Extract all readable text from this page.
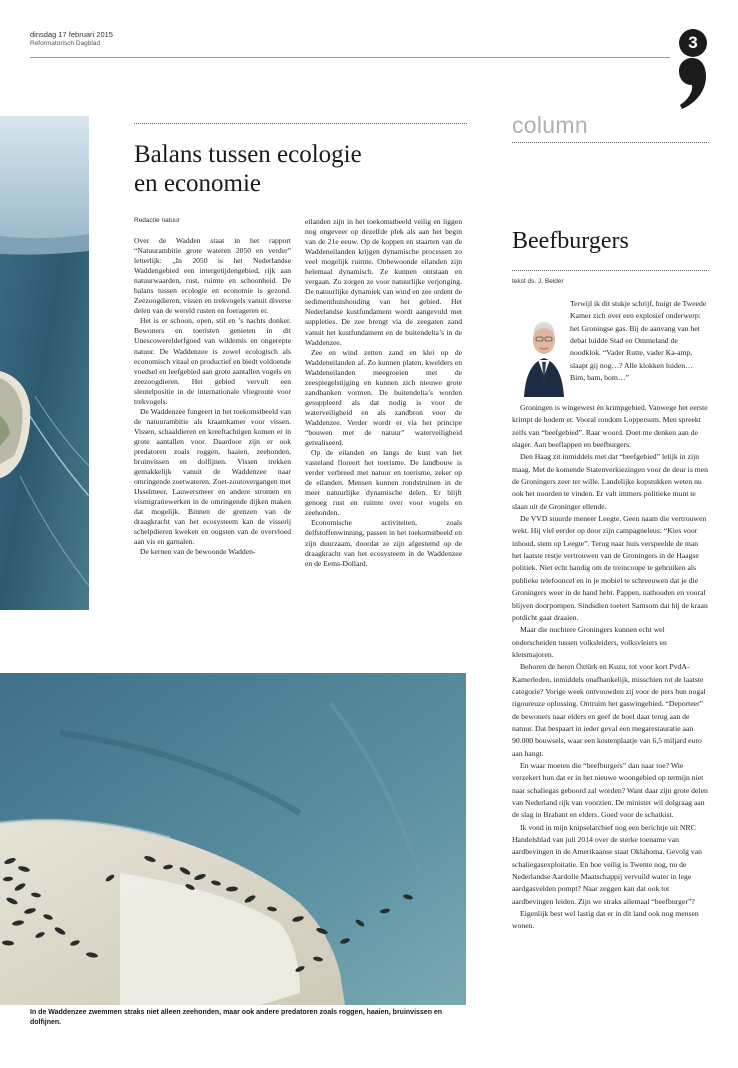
dinsdag 17 februari 2015
Reformatorisch Dagblad	3
Balans tussen ecologie
en economie
Redactie natuur

Over de Wadden staat in het rapport “Natuurambitie grote wateren 2050 en verder” letterlijk: „In 2050 is het Nederlandse Waddengebied een intergetijdengebied, rijk aan natuurwaarden, rust, ruimte en schoonheid. De balans tussen ecologie en economie is gezond. Zeezoogdieren, vissen en trekvogels vanuit diverse delen van de wereld rusten en foerageren er.

Het is er schoon, open, stil en ’s nachts donker. Bewoners en toeristen genieten in dit Unescowerelderfgoed van wildernis en ongerepte natuur. De Waddenzee is zowel ecologisch als economisch vitaal en productief en biedt voldoende voedsel en leefgebied aan grote aantallen vogels en zeezoogdieren. Het gebied vervult een sleutelpositie in de internationale vliegroute voor trekvogels.

De Waddenzee fungeert in het toekomstbeeld van de natuurambitie als kraamkamer voor vissen. Vissen, schaaldieren en kreeftachtigen komen er in grote aantallen voor. Daardoor zijn er ook predatoren zoals roggen, haaien, zeehonden, bruinvissen en dolfijnen. Vissen trekken gemakkelijk vanuit de Waddenzee naar omringende zoetwateren. Zoet-zoutovergangen met IJsselmeer, Lauwersmeer en andere stromen en vismigratiewerken in de omringende dijken maken dat mogelijk. Binnen de grenzen van de draagkracht van het ecosysteem kan de visserij schelpdieren kweken en oogsten van de overvloed aan vis en garnalen.

De kernen van de bewoonde Wadden-

eilanden zijn in het toekomstbeeld veilig en liggen nog ongeveer op dezelfde plek als aan het begin van de 21e eeuw. Op de koppen en staarten van de Waddeneilanden krijgen dynamische processen zo veel mogelijk ruimte. Onbewoonde eilanden zijn helemaal dynamisch. Ze kunnen ontstaan en vergaan. Zo zorgen ze voor natuurlijke verjonging. De natuurlijke dynamiek van wind en zee ordent de sedimenthuishouding van het gebied. Het Nederlandse kustfundament wordt aangevuld met suppleties. De zee brengt via de zeegaten zand vanuit het kustfundament en de buitendelta’s in de Waddenzee.

Zee en wind zetten zand en klei op de Waddeneilanden af. Zo kunnen platen, kwelders en Waddeneilanden meegroeien met de zeespiegelstijging en kunnen zich nieuwe grote zandbanken vormen. De buitendelta’s worden gesuppleerd als dat nodig is voor de waterveiligheid en als zandbron voor de Waddenzee. Verder wordt er via het principe “bouwen met de natuur” waterveiligheid gerealiseerd.

Op de eilanden en langs de kust van het vasteland floreert het toerisme. De landbouw is verder verbreed met natuur en toerisme, zeker op de eilanden. Mensen kunnen rondstruinen in de meer natuurlijke dynamische delen. Er blijft genoeg rust en ruimte over voor vogels en zeehonden.

Economische activiteiten, zoals delfstoffenwinning, passen in het toekomstbeeld en zijn duurzaam, doordat ze zijn afgestemd op de draagkracht van het ecosysteem in de Waddenzee en de Eems-Dollard.

In de Waddenzee zwemmen straks niet alleen zeehonden, maar ook andere predatoren zoals roggen, haaien, bruinvissen en dolfijnen.
column
Beefburgers
tekst ds. J. Belder

Terwijl ik dit stukje schrijf, buigt de Tweede Kamer zich over een explosief onderwerp: het Groningse gas. Bij de aanvang van het debat luidde Stad en Ommeland de noodklok. “Vader Rutte, vader Ka-amp, slaapt gij nog…? Alle klokken luiden… Bim, bam, bom…”

Groningen is wingewest én krimpgebied. Vanwege het eerste krimpt de bodem er. Vooral rondom Loppersum. Men spreekt zelfs van “beefgebied”. Raar woord. Doet me denken aan de slager. Aan beeflappen en beefburgers.

Den Haag zit inmiddels met dat “beefgebied” lelijk in zijn maag. Met de komende Statenverkiezingen voor de deur is men de Groningers zeer ter wille. Landelijke kopstukken weten nu ook het noorden te vinden. Er valt immers politieke munt te slaan uit de Groninger ellende.

De VVD stuurde meneer Leegte. Geen naam die vertrouwen wekt. Hij viel eerder op door zijn campagneleus: “Kies voor inhoud, stem op Leegte”. Terug naar huis verspeelde de man het laatste restje vertrouwen van de Groningers in de Haagse politiek. Niet echt handig om de treincoupe te gebruiken als publieke telefooncel en in je mobiel te schreeuwen dat je die Groningers weer in de hand hebt. Pappen, nathouden en vooral blijven doorpompen. Sindsdien toetert Samsom dat hij de kraan potdicht gaat draaien.

Maar die nuchtere Groningers kunnen echt wel onderscheiden tussen volksleiders, volksvleiers en kletsmajoren.

Behoren de heren Öztürk en Kuzu, tot voor kort PvdA-Kamerleden, inmiddels onafhankelijk, misschien tot de laatste categorie? Vorige week ontvouwden zij voor de pers hun nogal rigoureuze oplossing. Ontruim het gaswingebied. “Deporteer” de bewoners naar elders en geef de boel daar terug aan de natuur. Dat bespaart in ieder geval een megarestauratie aan 90.000 bouwsels, waar een kostenplaatje van 6,5 miljard euro aan hangt.

En waar moeten die “beefburgers” dan naar toe? Wie verzekert hun dat er in het nieuwe woongebied op termijn niet naar schaliegas geboord zal worden? Want daar zijn grote delen van Nederland rijk van voorzien. De minister wil dolgraag aan de slag in Brabant en elders. Goed voor de schatkist.

Ik vond in mijn knipselarchief nog een berichtje uit NRC Handelsblad van juli 2014 over de sterke toename van aardbevingen in de Amerikaanse staat Oklahoma. Gevolg van schaliegasexploitatie. En hoe veilig is Twente nog, nu de Nederlandse Aardolie Maatschappij vervuild water in lege aardgasvelden pompt? Naar zeggen kan dat ook tot aardbevingen leiden. Zijn we straks allemaal “beefburger”?

Eigenlijk best wel lastig dat er in dit land ook nog mensen wonen.
